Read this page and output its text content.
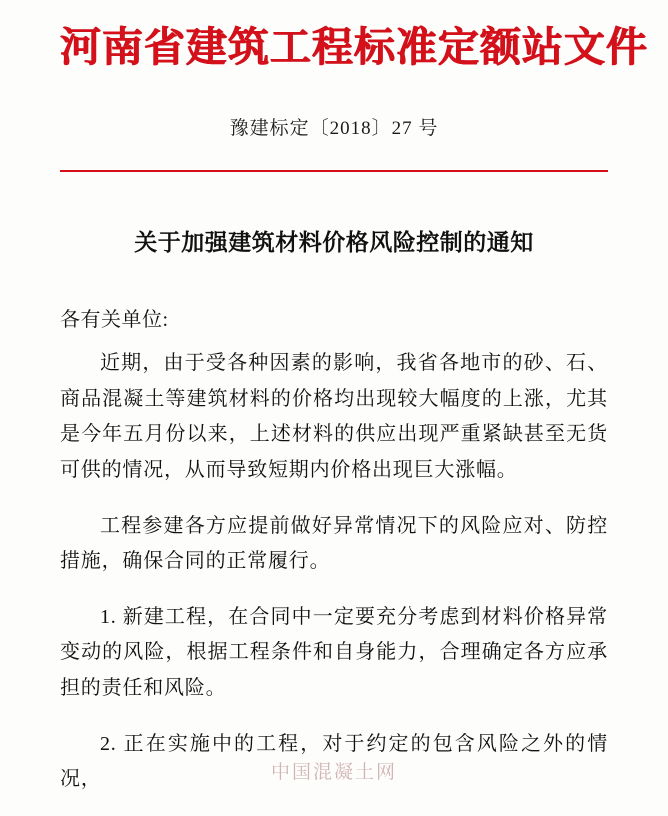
河南省建筑工程标准定额站文件
豫建标定〔2018〕27 号
关于加强建筑材料价格风险控制的通知
各有关单位:

近期，由于受各种因素的影响，我省各地市的砂、石、商品混凝土等建筑材料的价格均出现较大幅度的上涨，尤其是今年五月份以来，上述材料的供应出现严重紧缺甚至无货可供的情况，从而导致短期内价格出现巨大涨幅。

工程参建各方应提前做好异常情况下的风险应对、防控措施，确保合同的正常履行。

1. 新建工程，在合同中一定要充分考虑到材料价格异常变动的风险，根据工程条件和自身能力，合理确定各方应承担的责任和风险。

2. 正在实施中的工程，对于约定的包含风险之外的情况，	中国混凝土网
